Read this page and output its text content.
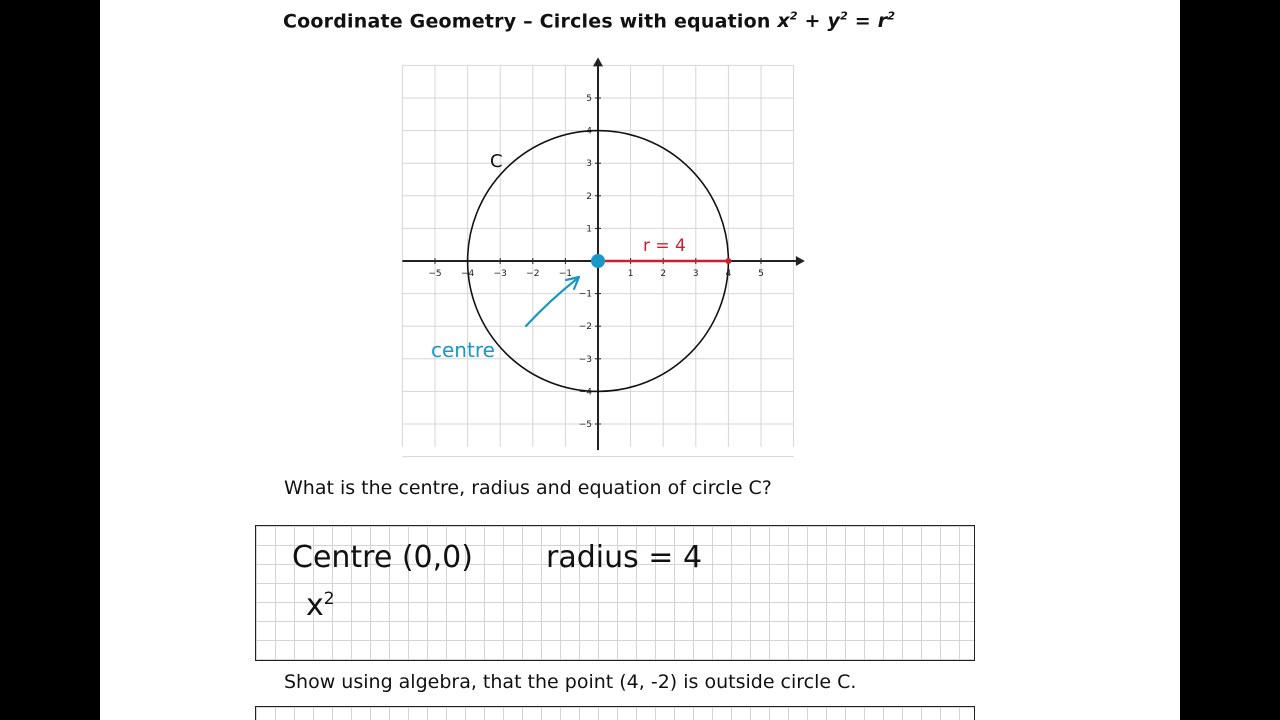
Coordinate Geometry – Circles with equation $x^2 + y^2 = r^2$
−5 −4 −3 −2 −1	1	2	3	4	5
5
4
3
2
1
−1
−2
−3
−4
−5
C
r = 4
centre
What is the centre, radius and equation of circle C?
Centre (0,0) radius = 4
$x^2$
Show using algebra, that the point (4, -2) is outside circle C.
